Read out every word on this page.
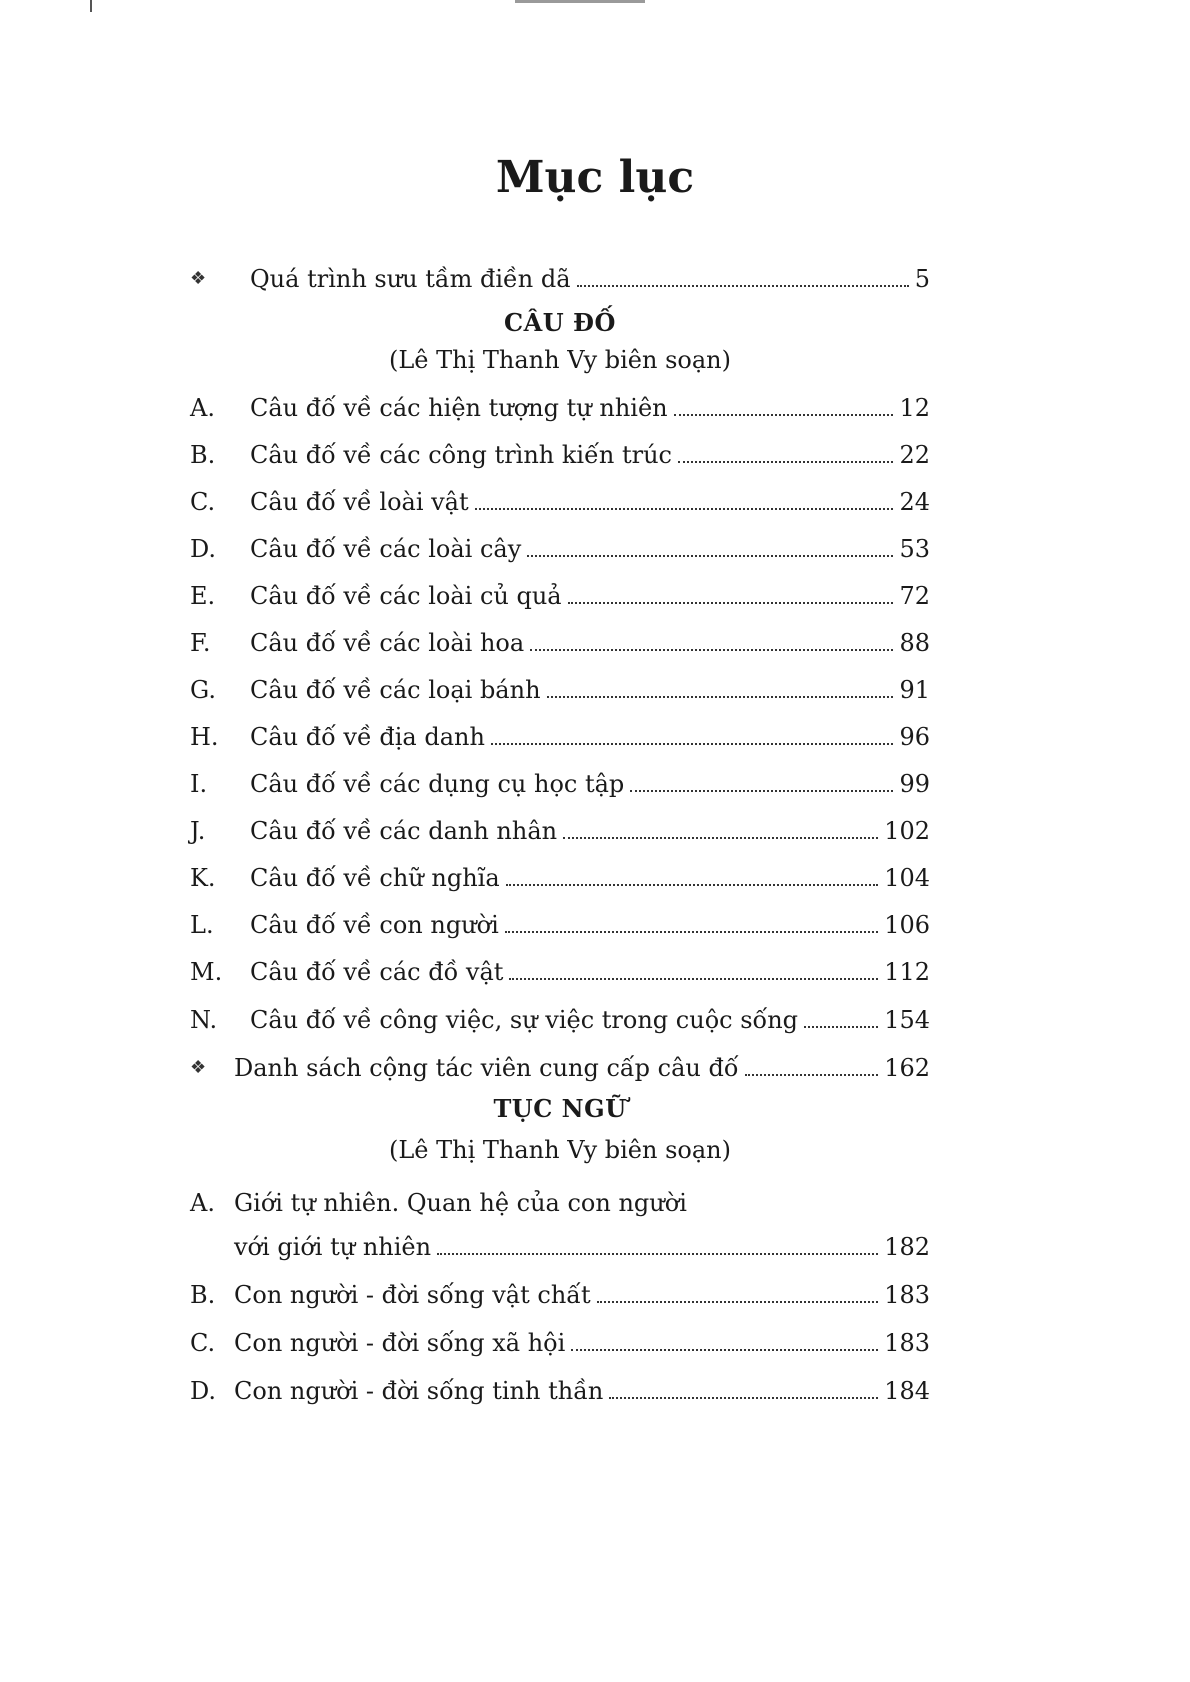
Mục lục
❖	Quá trình sưu tầm điền dã	5
CÂU ĐỐ
(Lê Thị Thanh Vy biên soạn)
A.	Câu đố về các hiện tượng tự nhiên	12
B.	Câu đố về các công trình kiến trúc	22
C.	Câu đố về loài vật	24
D.	Câu đố về các loài cây	53
E.	Câu đố về các loài củ quả	72
F.	Câu đố về các loài hoa	88
G.	Câu đố về các loại bánh	91
H.	Câu đố về địa danh	96
I.	Câu đố về các dụng cụ học tập	99
J.	Câu đố về các danh nhân	102
K.	Câu đố về chữ nghĩa	104
L.	Câu đố về con người	106
M.	Câu đố về các đồ vật	112
N.	Câu đố về công việc, sự việc trong cuộc sống	154
❖	Danh sách cộng tác viên cung cấp câu đố	162
TỤC NGỮ
(Lê Thị Thanh Vy biên soạn)
A. Giới tự nhiên. Quan hệ của con người
với giới tự nhiên	182
B. Con người - đời sống vật chất	183
C. Con người - đời sống xã hội	183
D. Con người - đời sống tinh thần	184
